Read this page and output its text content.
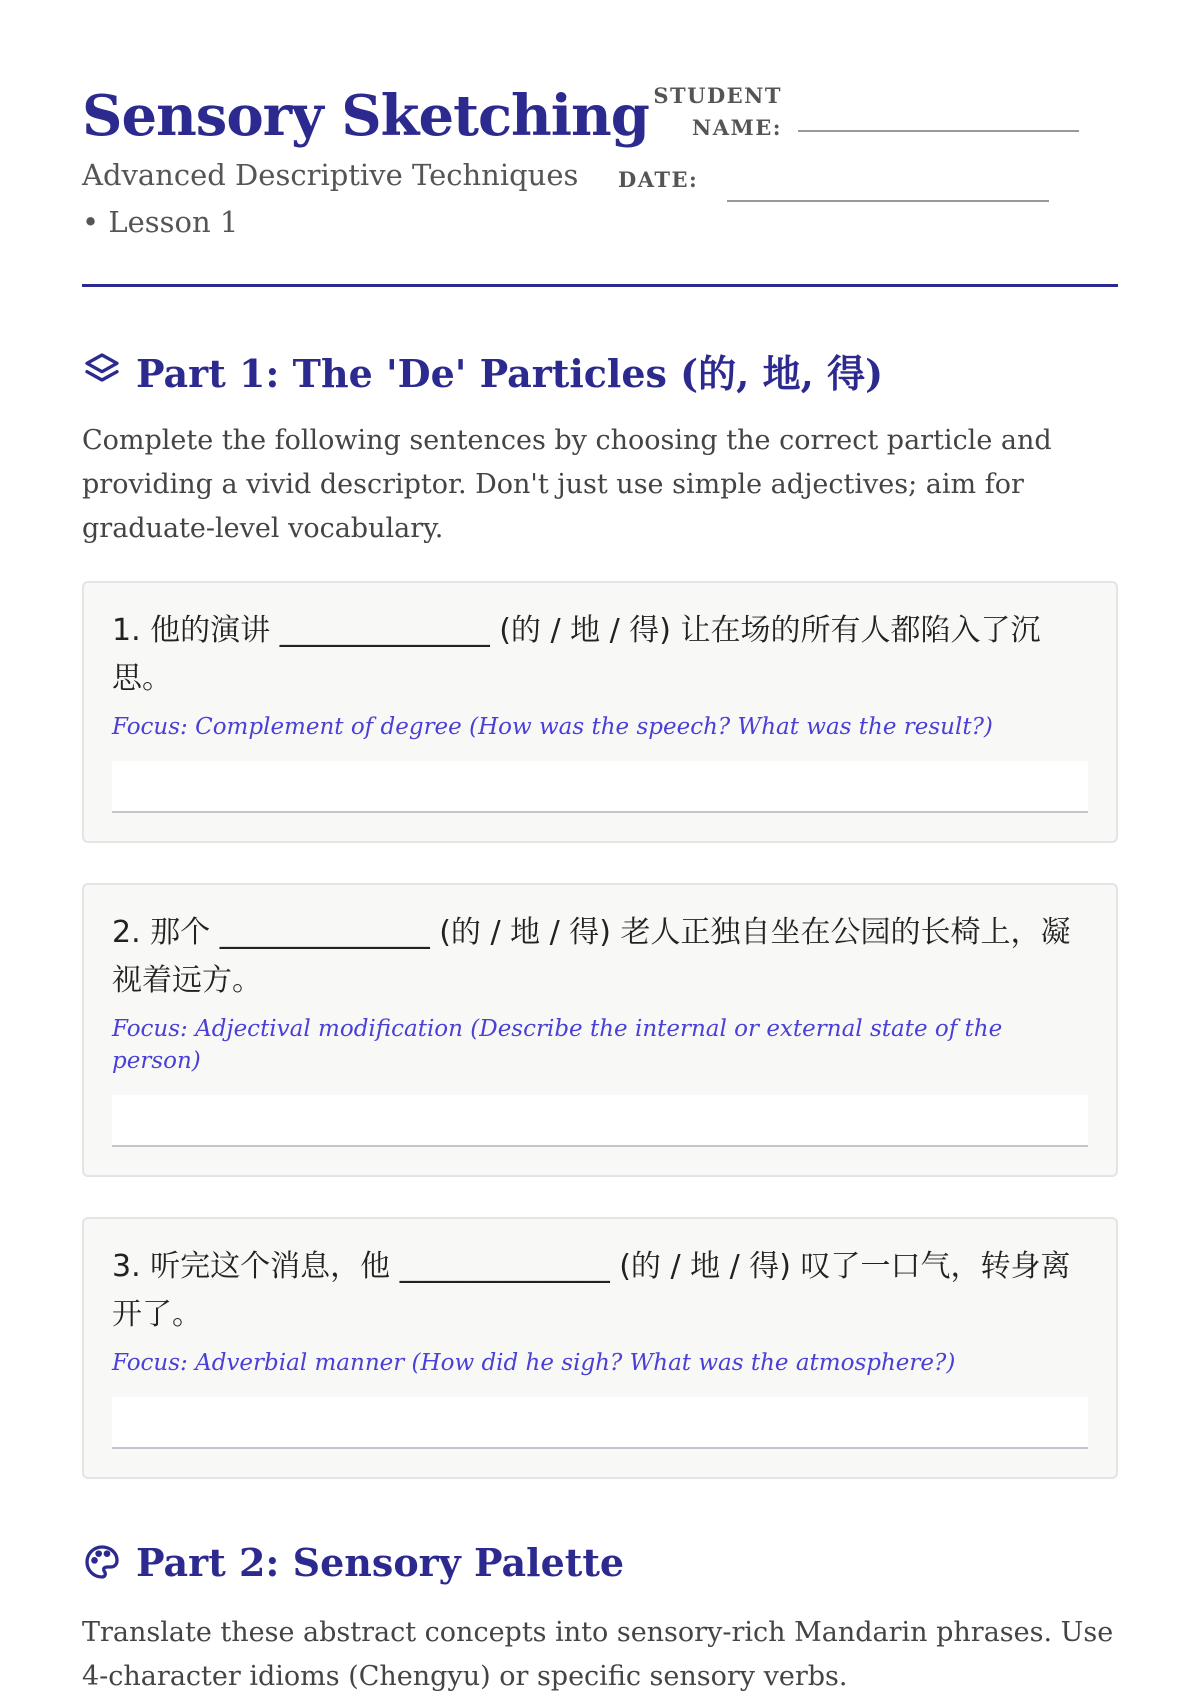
Sensory Sketching
Advanced Descriptive Techniques • Lesson 1
STUDENT NAME:
DATE:
Part 1: The 'De' Particles (的, 地, 得)

Complete the following sentences by choosing the correct particle and providing a vivid descriptor. Don't just use simple adjectives; aim for graduate-level vocabulary.

1. 他的演讲 ______________ (的 / 地 / 得) 让在场的所有人都陷入了沉思。
Focus: Complement of degree (How was the speech? What was the result?)
2. 那个 ______________ (的 / 地 / 得) 老人正独自坐在公园的长椅上，凝视着远方。
Focus: Adjectival modification (Describe the internal or external state of the person)
3. 听完这个消息，他 ______________ (的 / 地 / 得) 叹了一口气，转身离开了。
Focus: Adverbial manner (How did he sigh? What was the atmosphere?)
Part 2: Sensory Palette

Translate these abstract concepts into sensory-rich Mandarin phrases. Use 4-character idioms (Chengyu) or specific sensory verbs.
